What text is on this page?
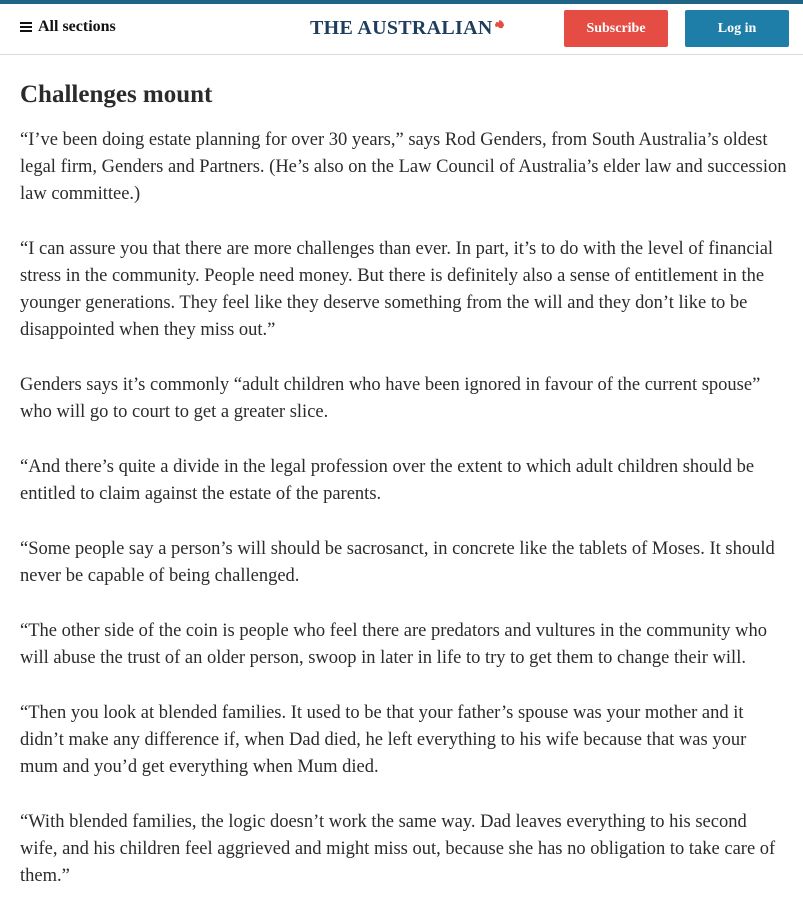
All sections	THE AUSTRALIAN	Subscribe	Log in
Challenges mount

“I’ve been doing estate planning for over 30 years,” says Rod Genders, from South Australia’s oldest legal firm, Genders and Partners. (He’s also on the Law Council of Australia’s elder law and succession law committee.)

“I can assure you that there are more challenges than ever. In part, it’s to do with the level of financial stress in the community. People need money. But there is definitely also a sense of entitlement in the younger generations. They feel like they deserve something from the will and they don’t like to be disappointed when they miss out.”

Genders says it’s commonly “adult children who have been ignored in favour of the current spouse” who will go to court to get a greater slice.

“And there’s quite a divide in the legal profession over the extent to which adult children should be entitled to claim against the estate of the parents.

“Some people say a person’s will should be sacrosanct, in concrete like the tablets of Moses. It should never be capable of being challenged.

“The other side of the coin is people who feel there are predators and vultures in the community who will abuse the trust of an older person, swoop in later in life to try to get them to change their will.

“Then you look at blended families. It used to be that your father’s spouse was your mother and it didn’t make any difference if, when Dad died, he left everything to his wife because that was your mum and you’d get everything when Mum died.

“With blended families, the logic doesn’t work the same way. Dad leaves everything to his second wife, and his children feel aggrieved and might miss out, because she has no obligation to take care of them.”
